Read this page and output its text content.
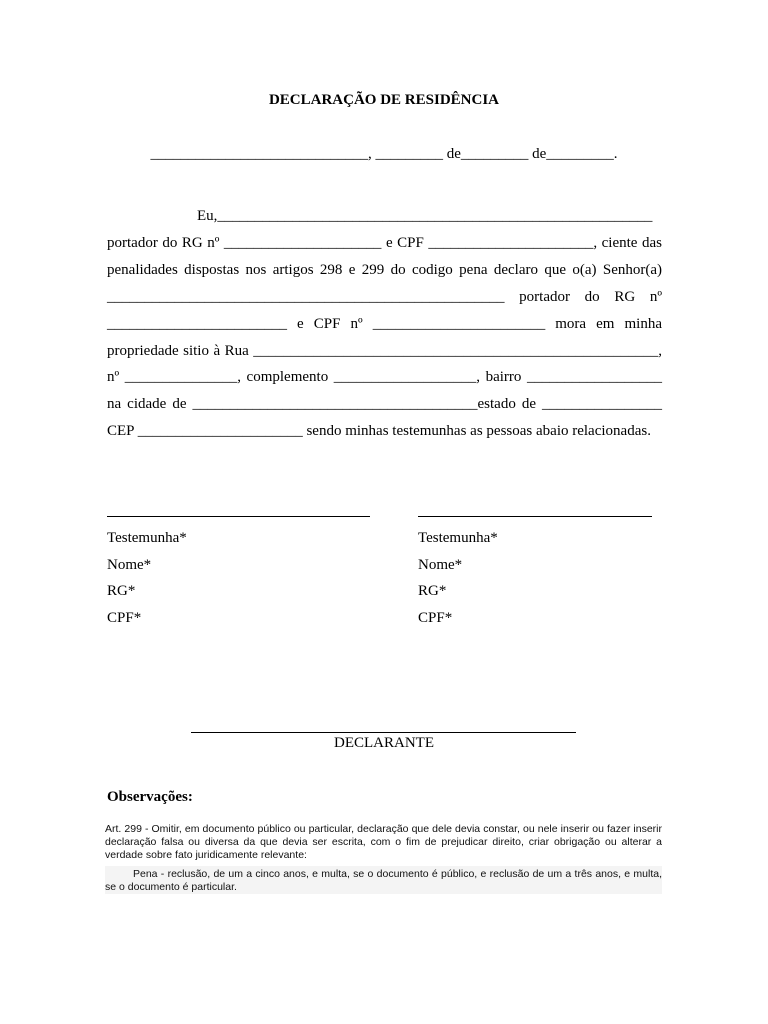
DECLARAÇÃO DE RESIDÊNCIA
_____________________________, _________ de_________ de_________.
Eu,__________________________________________________________
portador do RG nº _____________________ e CPF ______________________, ciente das
penalidades dispostas nos artigos 298 e 299 do codigo pena declaro que o(a) Senhor(a)
_____________________________________________________ portador do RG nº
________________________ e CPF nº _______________________ mora em minha
propriedade sitio à Rua ______________________________________________________,
nº _______________, complemento ___________________, bairro __________________
na cidade de ______________________________________estado de ________________
CEP ______________________ sendo minhas testemunhas as pessoas abaio relacionadas.
Testemunha*
Nome*
RG*
CPF*
Testemunha*
Nome*
RG*
CPF*
DECLARANTE
Observações:
Art. 299 - Omitir, em documento público ou particular, declaração que dele devia constar, ou nele inserir ou fazer inserir declaração falsa ou diversa da que devia ser escrita, com o fim de prejudicar direito, criar obrigação ou alterar a verdade sobre fato juridicamente relevante:
Pena - reclusão, de um a cinco anos, e multa, se o documento é público, e reclusão de um a três anos, e multa, se o documento é particular.
